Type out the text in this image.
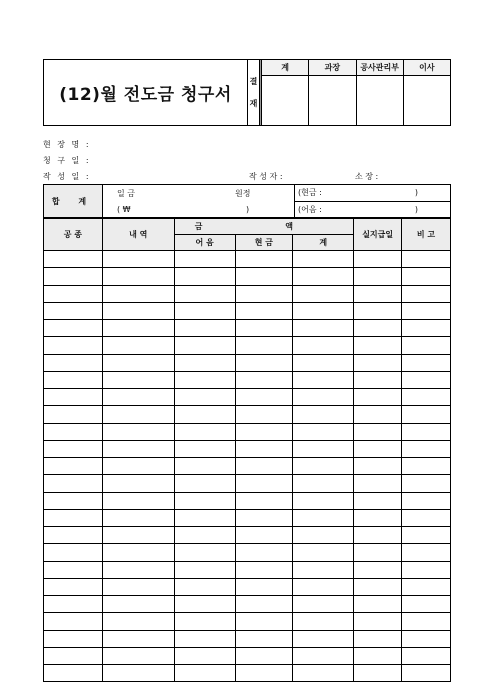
(12)월 전도금 청구서
결
재
계	과장	공사관리부	이사
현 장 명 :
청 구 일 :
작 성 일 :	작 성 자 :	소 장 :
합 계
일 금	원정
( ₩	)
(현금 :	)
(어음 :	)
공 종	내 역	금 액			실지급일	비 고
		어 음	현 금	계		
